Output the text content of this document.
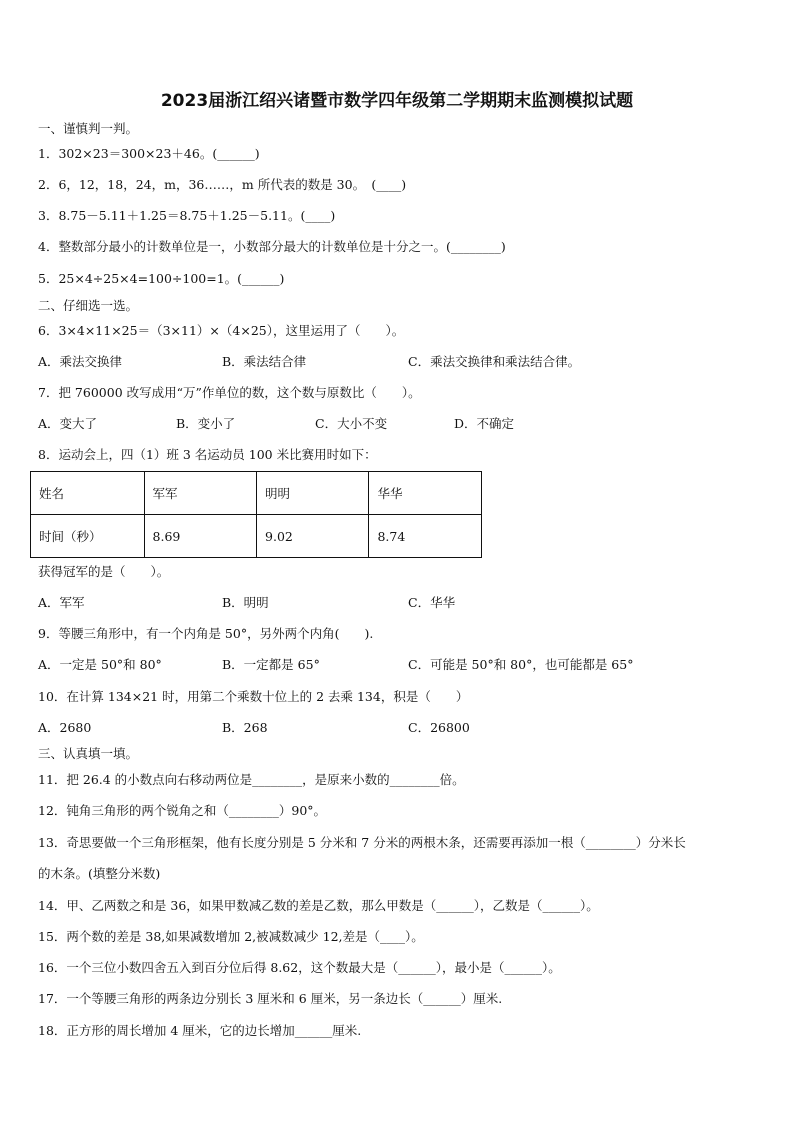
2023届浙江绍兴诸暨市数学四年级第二学期期末监测模拟试题
一、谨慎判一判。
1．302×23＝300×23＋46。(______)
2．6，12，18，24，m，36……，m 所代表的数是 30。　(____)
3．8.75－5.11＋1.25＝8.75＋1.25－5.11。(____)
4．整数部分最小的计数单位是一，小数部分最大的计数单位是十分之一。(________)
5．25×4÷25×4=100÷100=1。(______)
二、仔细选一选。
6．3×4×11×25＝（3×11）×（4×25），这里运用了（　　）。
A．乘法交换律	B．乘法结合律	C．乘法交换律和乘法结合律。
7．把 760000 改写成用“万”作单位的数，这个数与原数比（　　）。
A．变大了	B．变小了	C．大小不变	D．不确定
8．运动会上，四（1）班 3 名运动员 100 米比赛用时如下：
姓名	军军	明明	华华
时间（秒）	8.69	9.02	8.74
获得冠军的是（　　）。
A．军军	B．明明	C．华华
9．等腰三角形中，有一个内角是 50°，另外两个内角(　　).
A．一定是 50°和 80°	B．一定都是 65°	C．可能是 50°和 80°，也可能都是 65°
10．在计算 134×21 时，用第二个乘数十位上的 2 去乘 134，积是（　　）
A．2680	B．268	C．26800
三、认真填一填。
11．把 26.4 的小数点向右移动两位是________，是原来小数的________倍。
12．钝角三角形的两个锐角之和（________）90°。
13．奇思要做一个三角形框架，他有长度分别是 5 分米和 7 分米的两根木条，还需要再添加一根（________）分米长
的木条。(填整分米数)
14．甲、乙两数之和是 36，如果甲数减乙数的差是乙数，那么甲数是（______），乙数是（______）。
15．两个数的差是 38,如果减数增加 2,被减数减少 12,差是（____）。
16．一个三位小数四舍五入到百分位后得 8.62，这个数最大是（______），最小是（______）。
17．一个等腰三角形的两条边分别长 3 厘米和 6 厘米，另一条边长（______）厘米.
18．正方形的周长增加 4 厘米，它的边长增加______厘米.
